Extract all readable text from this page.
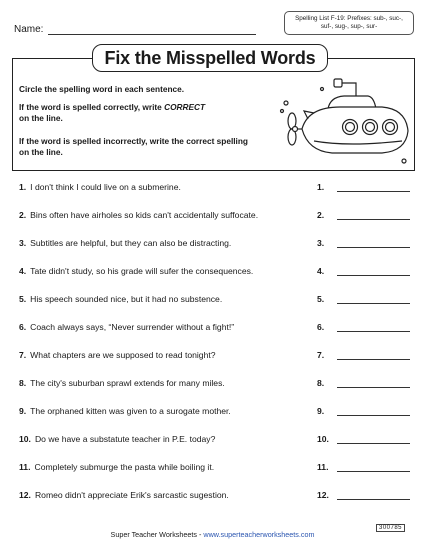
Name:
Spelling List F-19: Prefixes: sub-, suc-, suf-, sug-, sup-, sur-
Fix the Misspelled Words
Circle the spelling word in each sentence.
If the word is spelled correctly, write CORRECT on the line.
If the word is spelled incorrectly, write the correct spelling on the line.
1. I don't think I could live on a submerine.	1.
2. Bins often have airholes so kids can't accidentally suffocate.	2.
3. Subtitles are helpful, but they can also be distracting.	3.
4. Tate didn't study, so his grade will sufer the consequences.	4.
5. His speech sounded nice, but it had no substence.	5.
6. Coach always says, “Never surrender without a fight!”	6.
7. What chapters are we supposed to read tonight?	7.
8. The city's suburban sprawl extends for many miles.	8.
9. The orphaned kitten was given to a surogate mother.	9.
10. Do we have a substatute teacher in P.E. today?	10.
11. Completely submurge the pasta while boiling it.	11.
12. Romeo didn't appreciate Erik's sarcastic sugestion.	12.
Super Teacher Worksheets - www.superteacherworksheets.com
300785
